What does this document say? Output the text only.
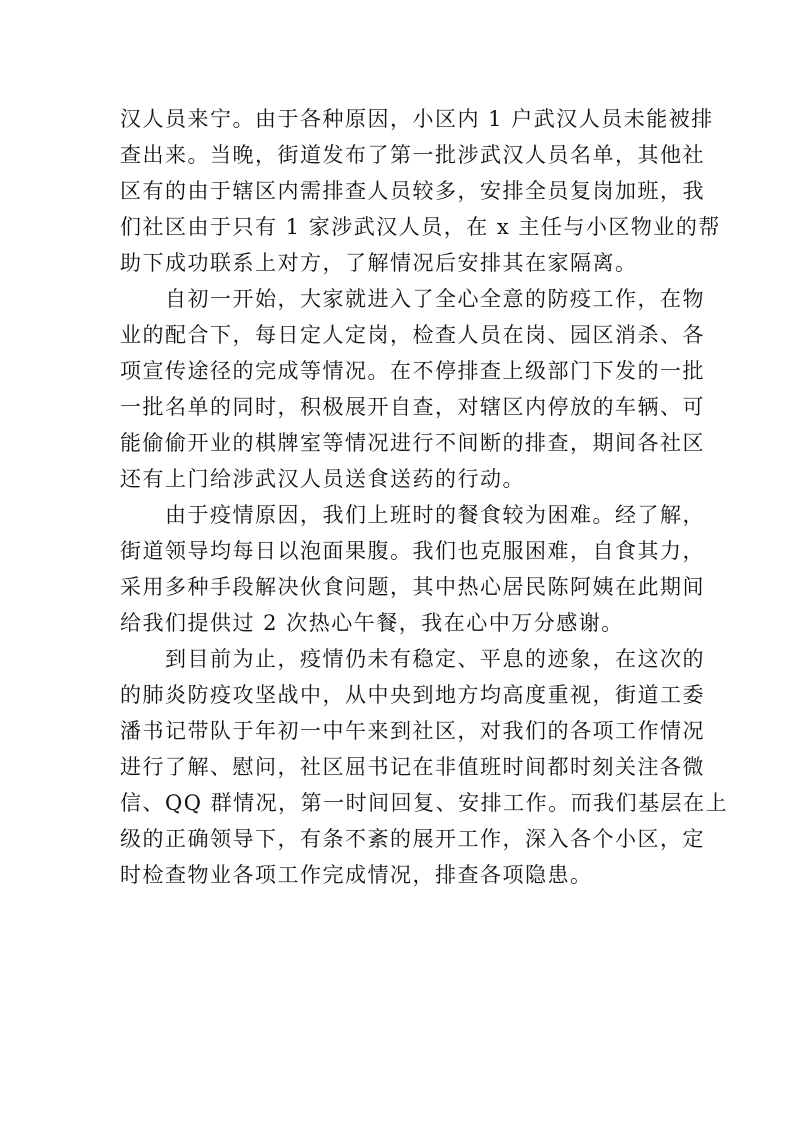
汉人员来宁。由于各种原因，小区内 1 户武汉人员未能被排
查出来。当晚，街道发布了第一批涉武汉人员名单，其他社
区有的由于辖区内需排查人员较多，安排全员复岗加班，我
们社区由于只有 1 家涉武汉人员，在 x 主任与小区物业的帮
助下成功联系上对方，了解情况后安排其在家隔离。
　　自初一开始，大家就进入了全心全意的防疫工作，在物
业的配合下，每日定人定岗，检查人员在岗、园区消杀、各
项宣传途径的完成等情况。在不停排查上级部门下发的一批
一批名单的同时，积极展开自查，对辖区内停放的车辆、可
能偷偷开业的棋牌室等情况进行不间断的排查，期间各社区
还有上门给涉武汉人员送食送药的行动。
　　由于疫情原因，我们上班时的餐食较为困难。经了解，
街道领导均每日以泡面果腹。我们也克服困难，自食其力，
采用多种手段解决伙食问题，其中热心居民陈阿姨在此期间
给我们提供过 2 次热心午餐，我在心中万分感谢。
　　到目前为止，疫情仍未有稳定、平息的迹象，在这次的
的肺炎防疫攻坚战中，从中央到地方均高度重视，街道工委
潘书记带队于年初一中午来到社区，对我们的各项工作情况
进行了解、慰问，社区屈书记在非值班时间都时刻关注各微
信、QQ 群情况，第一时间回复、安排工作。而我们基层在上
级的正确领导下，有条不紊的展开工作，深入各个小区，定
时检查物业各项工作完成情况，排查各项隐患。
